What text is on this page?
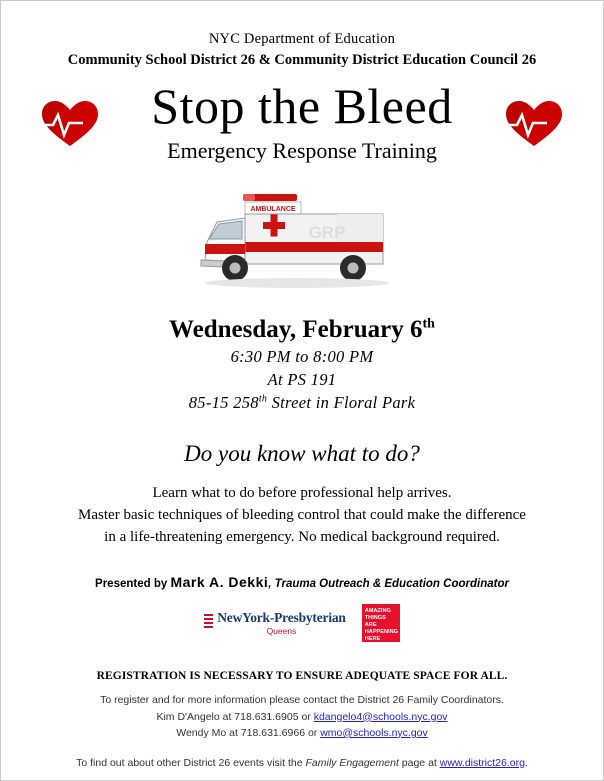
NYC Department of Education
Community School District 26 & Community District Education Council 26
Stop the Bleed
Emergency Response Training
AMBULANCE
GRP
Wednesday, February 6th
6:30 PM to 8:00 PM
At PS 191
85-15 258th Street in Floral Park
Do you know what to do?
Learn what to do before professional help arrives.
Master basic techniques of bleeding control that could make the difference
in a life-threatening emergency. No medical background required.
Presented by Mark A. Dekki, Trauma Outreach & Education Coordinator
NewYork-Presbyterian
Queens
AMAZING THINGS ARE HAPPENING HERE
REGISTRATION IS NECESSARY TO ENSURE ADEQUATE SPACE FOR ALL.
To register and for more information please contact the District 26 Family Coordinators.
Kim D'Angelo at 718.631.6905 or kdangelo4@schools.nyc.gov
Wendy Mo at 718.631.6966 or wmo@schools.nyc.gov
To find out about other District 26 events visit the Family Engagement page at www.district26.org.
